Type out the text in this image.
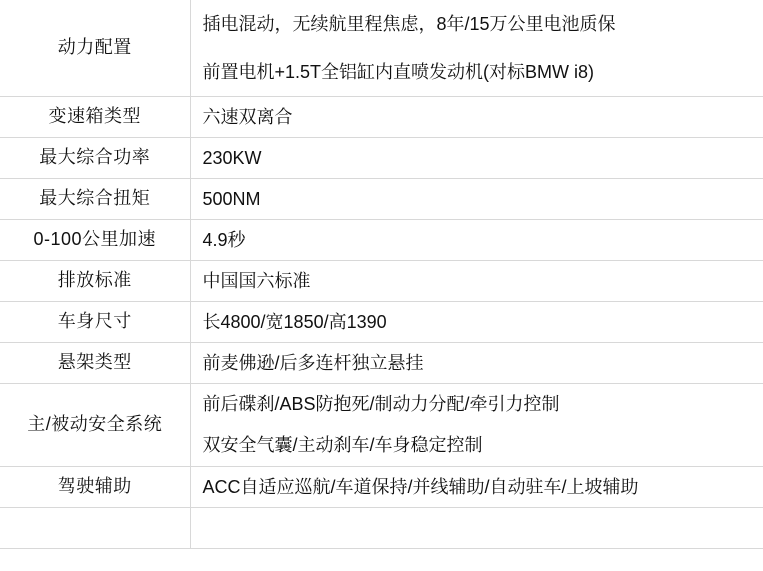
动力配置	插电混动，无续航里程焦虑，8年/15万公里电池质保
前置电机+1.5T全铝缸内直喷发动机(对标BMW i8)

变速箱类型	六速双离合

最大综合功率	230KW

最大综合扭矩	500NM

0-100公里加速	4.9秒

排放标准	中国国六标准

车身尺寸	长4800/宽1850/高1390

悬架类型	前麦佛逊/后多连杆独立悬挂

主/被动安全系统	前后碟刹/ABS防抱死/制动力分配/牵引力控制
双安全气囊/主动刹车/车身稳定控制

驾驶辅助	ACC自适应巡航/车道保持/并线辅助/自动驻车/上坡辅助
